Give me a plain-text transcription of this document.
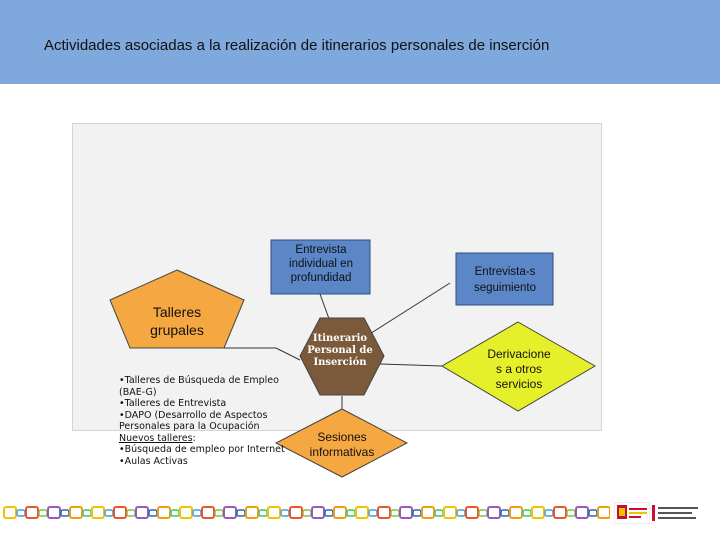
Actividades asociadas a la realización de itinerarios personales de inserción
Entrevista individual en profundidad	Entrevista-s seguimiento
Talleres grupales
Itinerario Personal de Inserción
Sesiones informativas
Derivacione s a otros servicios
•Talleres de Búsqueda de Empleo (BAE-G)
•Talleres de Entrevista
•DAPO (Desarrollo de Aspectos Personales para la Ocupación
Nuevos talleres:
•Búsqueda de empleo por Internet
•Aulas Activas
